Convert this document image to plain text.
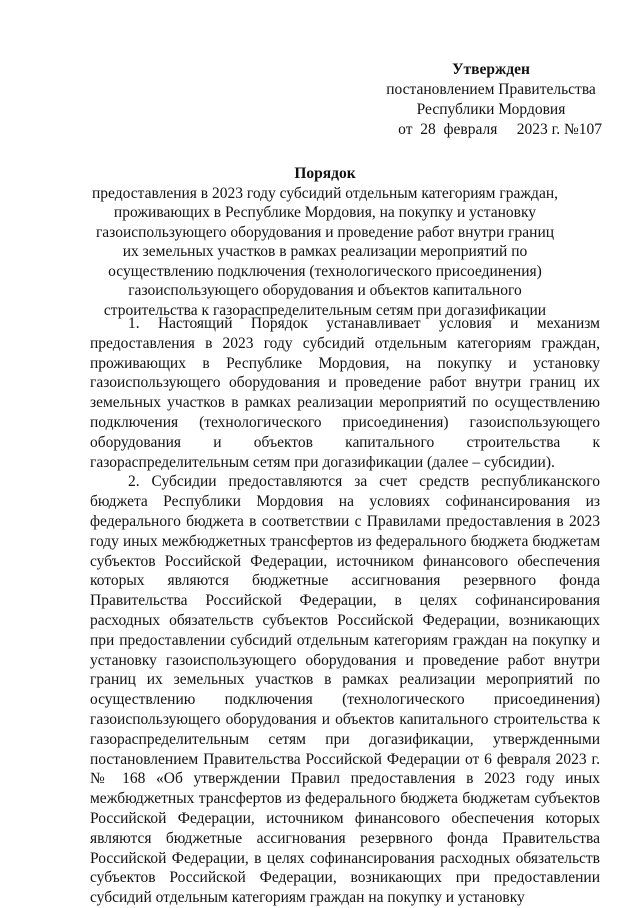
Утвержден
постановлением Правительства
Республики Мордовия
от  28  февраля     2023 г. №107
Порядок
предоставления в 2023 году субсидий отдельным категориям граждан, проживающих в Республике Мордовия, на покупку и установку газоиспользующего оборудования и проведение работ внутри границ их земельных участков в рамках реализации мероприятий по осуществлению подключения (технологического присоединения) газоиспользующего оборудования и объектов капитального строительства к газораспределительным сетям при догазификации

1. Настоящий Порядок устанавливает условия и механизм предоставления в 2023 году субсидий отдельным категориям граждан, проживающих в Республике Мордовия, на покупку и установку газоиспользующего оборудования и проведение работ внутри границ их земельных участков в рамках реализации мероприятий по осуществлению подключения (технологического присоединения) газоиспользующего оборудования и объектов капитального строительства к газораспределительным сетям при догазификации (далее – субсидии).

2. Субсидии предоставляются за счет средств республиканского бюджета Республики Мордовия на условиях софинансирования из федерального бюджета в соответствии с Правилами предоставления в 2023 году иных межбюджетных трансфертов из федерального бюджета бюджетам субъектов Российской Федерации, источником финансового обеспечения которых являются бюджетные ассигнования резервного фонда Правительства Российской Федерации, в целях софинансирования расходных обязательств субъектов Российской Федерации, возникающих при предоставлении субсидий отдельным категориям граждан на покупку и установку газоиспользующего оборудования и проведение работ внутри границ их земельных участков в рамках реализации мероприятий по осуществлению подключения (технологического присоединения) газоиспользующего оборудования и объектов капитального строительства к газораспределительным сетям при догазификации, утвержденными постановлением Правительства Российской Федерации от 6 февраля 2023 г. № 168 «Об утверждении Правил предоставления в 2023 году иных межбюджетных трансфертов из федерального бюджета бюджетам субъектов Российской Федерации, источником финансового обеспечения которых являются бюджетные ассигнования резервного фонда Правительства Российской Федерации, в целях софинансирования расходных обязательств субъектов Российской Федерации, возникающих при предоставлении субсидий отдельным категориям граждан на покупку и установку
